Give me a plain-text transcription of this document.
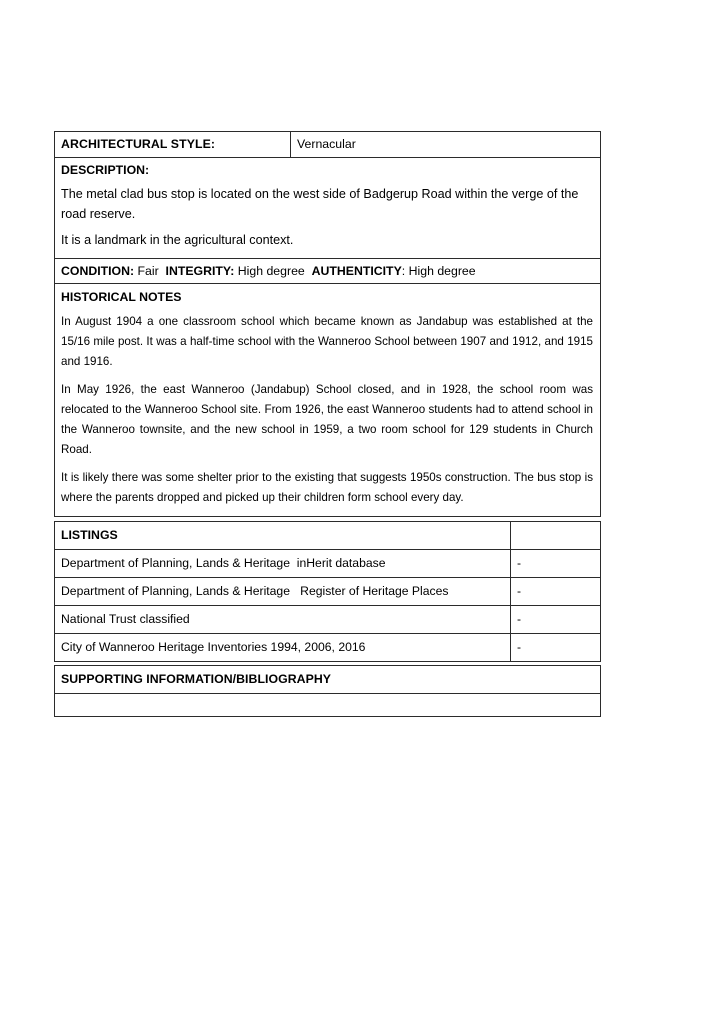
ARCHITECTURAL STYLE:	Vernacular

DESCRIPTION:

The metal clad bus stop is located on the west side of Badgerup Road within the verge of the road reserve.

It is a landmark in the agricultural context.

CONDITION: Fair INTEGRITY: High degree AUTHENTICITY: High degree

HISTORICAL NOTES

In August 1904 a one classroom school which became known as Jandabup was established at the 15/16 mile post. It was a half-time school with the Wanneroo School between 1907 and 1912, and 1915 and 1916.

In May 1926, the east Wanneroo (Jandabup) School closed, and in 1928, the school room was relocated to the Wanneroo School site. From 1926, the east Wanneroo students had to attend school in the Wanneroo townsite, and the new school in 1959, a two room school for 129 students in Church Road.

It is likely there was some shelter prior to the existing that suggests 1950s construction. The bus stop is where the parents dropped and picked up their children form school every day.

LISTINGS	

Department of Planning, Lands & Heritage  inHerit database	-

Department of Planning, Lands & Heritage   Register of Heritage Places	-

National Trust classified	-

City of Wanneroo Heritage Inventories 1994, 2006, 2016	-
SUPPORTING INFORMATION/BIBLIOGRAPHY
